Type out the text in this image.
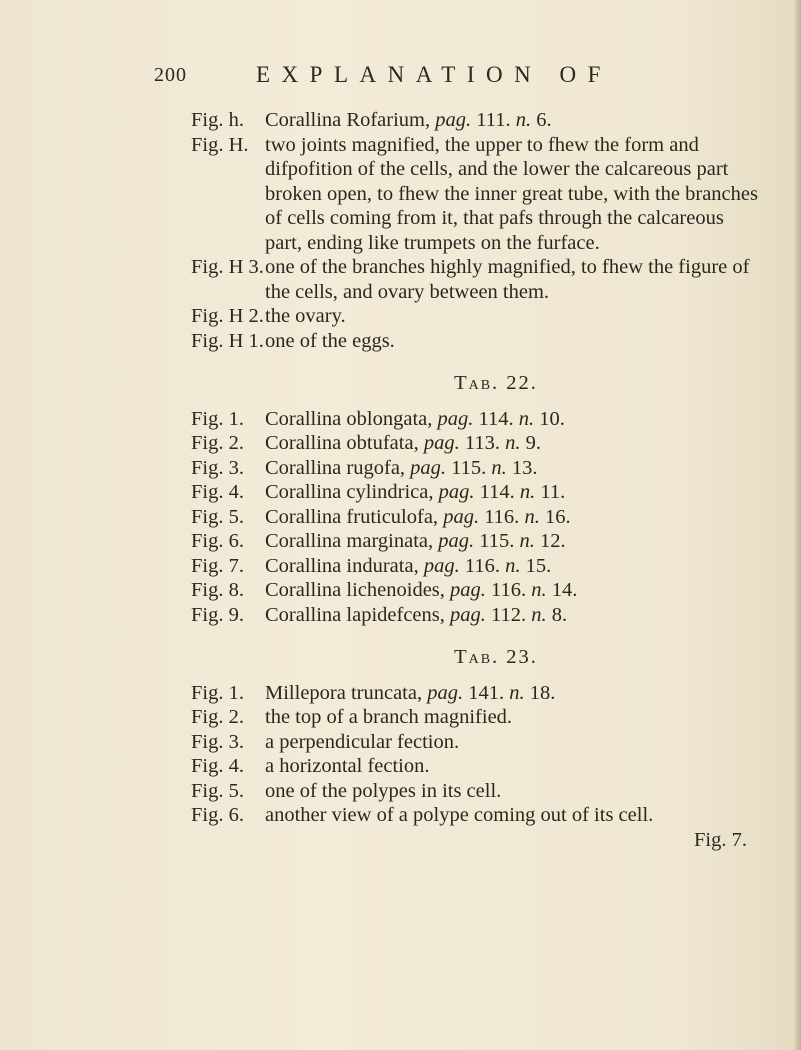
200	EXPLANATION OF
Fig. h. Corallina Rofarium, pag. 111. n. 6.
Fig. H. two joints magnified, the upper to fhew the form and difpofition of the cells, and the lower the calcareous part broken open, to fhew the inner great tube, with the branches of cells coming from it, that pafs through the calcareous part, ending like trumpets on the furface.
Fig. H 3. one of the branches highly magnified, to fhew the figure of the cells, and ovary between them.
Fig. H 2. the ovary.
Fig. H 1. one of the eggs.
Tab. 22.
Fig. 1. Corallina oblongata, pag. 114. n. 10.
Fig. 2. Corallina obtufata, pag. 113. n. 9.
Fig. 3. Corallina rugofa, pag. 115. n. 13.
Fig. 4. Corallina cylindrica, pag. 114. n. 11.
Fig. 5. Corallina fruticulofa, pag. 116. n. 16.
Fig. 6. Corallina marginata, pag. 115. n. 12.
Fig. 7. Corallina indurata, pag. 116. n. 15.
Fig. 8. Corallina lichenoides, pag. 116. n. 14.
Fig. 9. Corallina lapidefcens, pag. 112. n. 8.
Tab. 23.
Fig. 1. Millepora truncata, pag. 141. n. 18.
Fig. 2. the top of a branch magnified.
Fig. 3. a perpendicular fection.
Fig. 4. a horizontal fection.
Fig. 5. one of the polypes in its cell.
Fig. 6. another view of a polype coming out of its cell.
Fig. 7.
